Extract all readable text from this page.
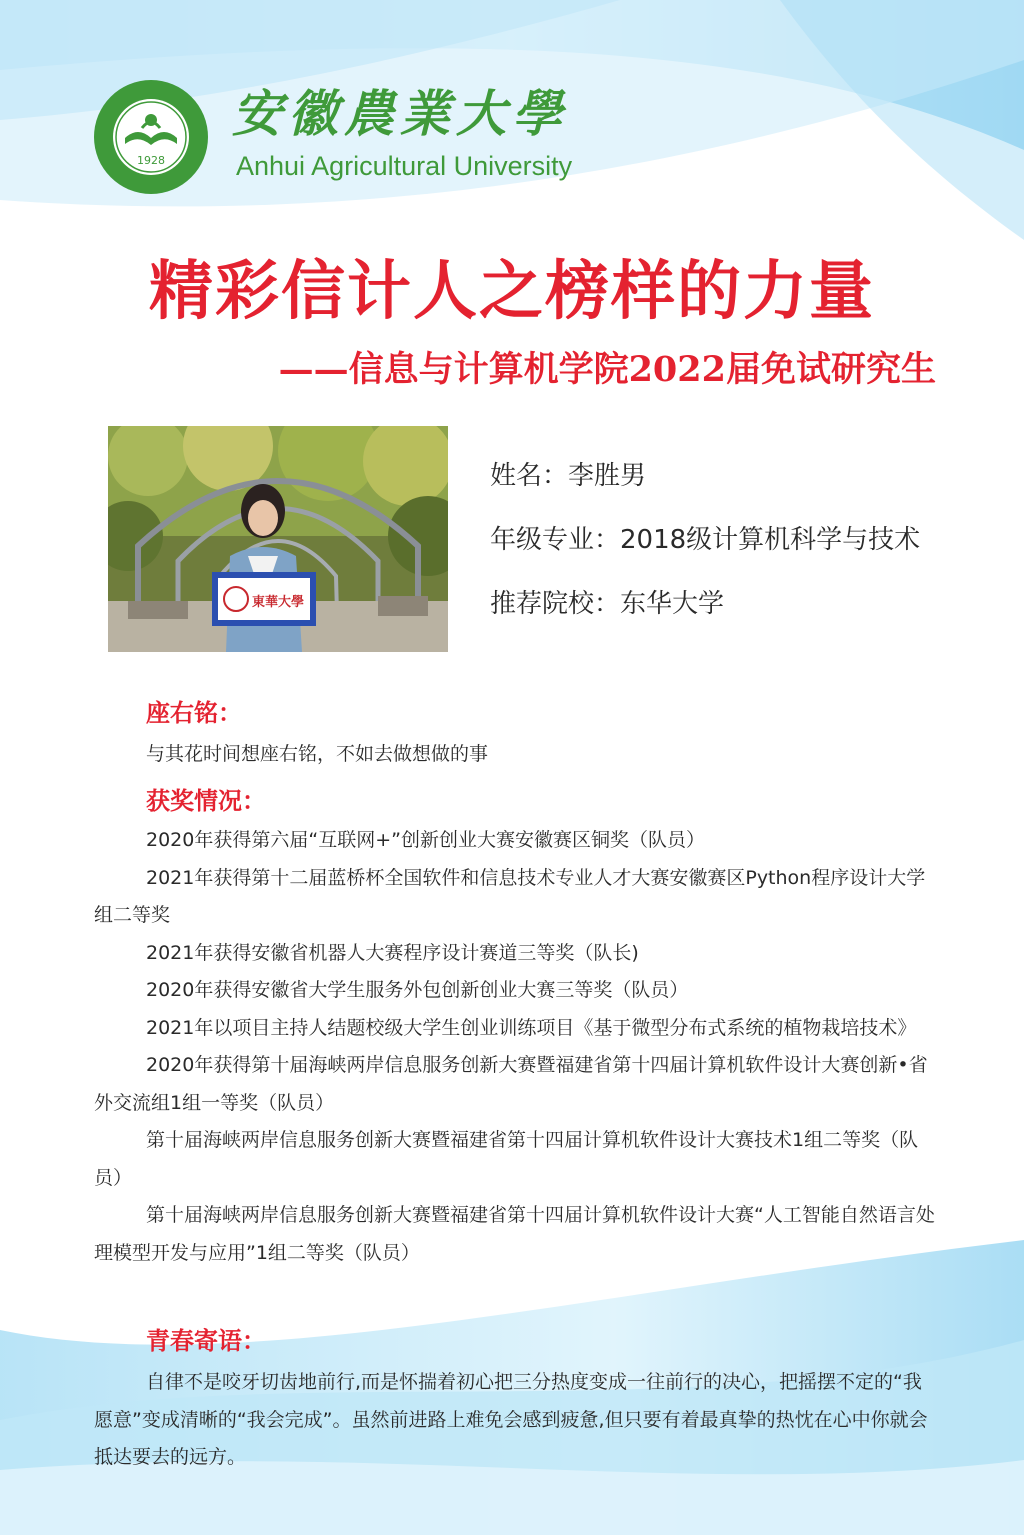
1928
安徽農業大學
Anhui Agricultural University
精彩信计人之榜样的力量
——信息与计算机学院2022届免试研究生
東華大學
姓名：李胜男
年级专业：2018级计算机科学与技术
推荐院校：东华大学
座右铭：
与其花时间想座右铭，不如去做想做的事
获奖情况：

2020年获得第六届“互联网+”创新创业大赛安徽赛区铜奖（队员）

2021年获得第十二届蓝桥杯全国软件和信息技术专业人才大赛安徽赛区Python程序设计大学组二等奖

2021年获得安徽省机器人大赛程序设计赛道三等奖（队长)

2020年获得安徽省大学生服务外包创新创业大赛三等奖（队员）

2021年以项目主持人结题校级大学生创业训练项目《基于微型分布式系统的植物栽培技术》

2020年获得第十届海峡两岸信息服务创新大赛暨福建省第十四届计算机软件设计大赛创新•省外交流组1组一等奖（队员）

第十届海峡两岸信息服务创新大赛暨福建省第十四届计算机软件设计大赛技术1组二等奖（队员）

第十届海峡两岸信息服务创新大赛暨福建省第十四届计算机软件设计大赛“人工智能自然语言处理模型开发与应用”1组二等奖（队员）

青春寄语：

自律不是咬牙切齿地前行,而是怀揣着初心把三分热度变成一往前行的决心，把摇摆不定的“我愿意”变成清晰的“我会完成”。虽然前进路上难免会感到疲惫,但只要有着最真挚的热忱在心中你就会抵达要去的远方。
